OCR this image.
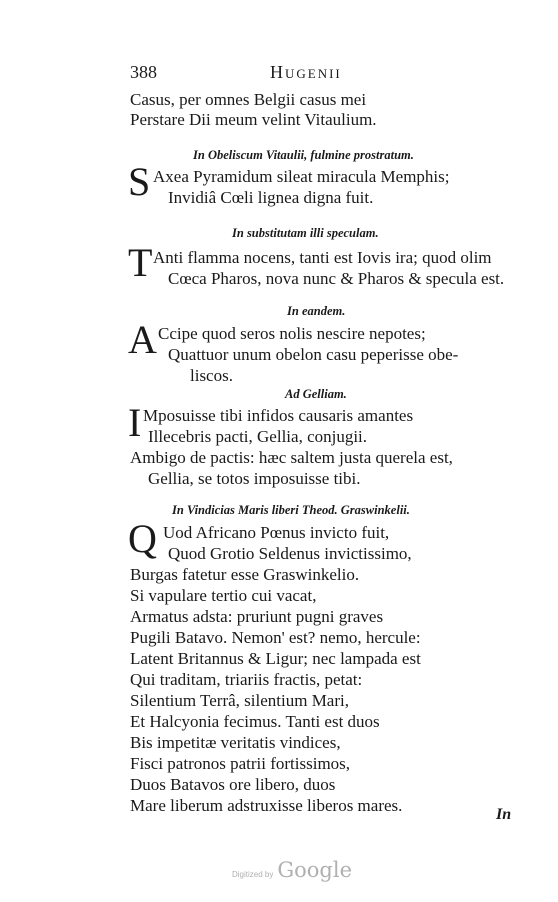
388	Hugenii
Casus, per omnes Belgii casus mei
Perstare Dii meum velint Vitaulium.
In Obeliscum Vitaulii, fulmine prostratum.
S Axea Pyramidum sileat miracula Memphis;
Invidiâ Cœli lignea digna fuit.
In substitutam illi speculam.
T Anti flamma nocens, tanti est Iovis ira; quod olim
Cœca Pharos, nova nunc & Pharos & specula est.
In eandem.
A Ccipe quod seros nolis nescire nepotes;
Quattuor unum obelon casu peperisse obe-
liscos.
Ad Gelliam.
I Mposuisse tibi infidos causaris amantes
Illecebris pacti, Gellia, conjugii.
Ambigo de pactis: hæc saltem justa querela est,
Gellia, se totos imposuisse tibi.
In Vindicias Maris liberi Theod. Graswinkelii.
Q Uod Africano Pœnus invicto fuit,
Quod Grotio Seldenus invictissimo,
Burgas fatetur esse Graswinkelio.
Si vapulare tertio cui vacat,
Armatus adsta: pruriunt pugni graves
Pugili Batavo. Nemon' est? nemo, hercule:
Latent Britannus & Ligur; nec lampada est
Qui traditam, triariis fractis, petat:
Silentium Terrâ, silentium Mari,
Et Halcyonia fecimus. Tanti est duos
Bis impetitæ veritatis vindices,
Fisci patronos patrii fortissimos,
Duos Batavos ore libero, duos
Mare liberum adstruxisse liberos mares.	In
Digitized by Google
